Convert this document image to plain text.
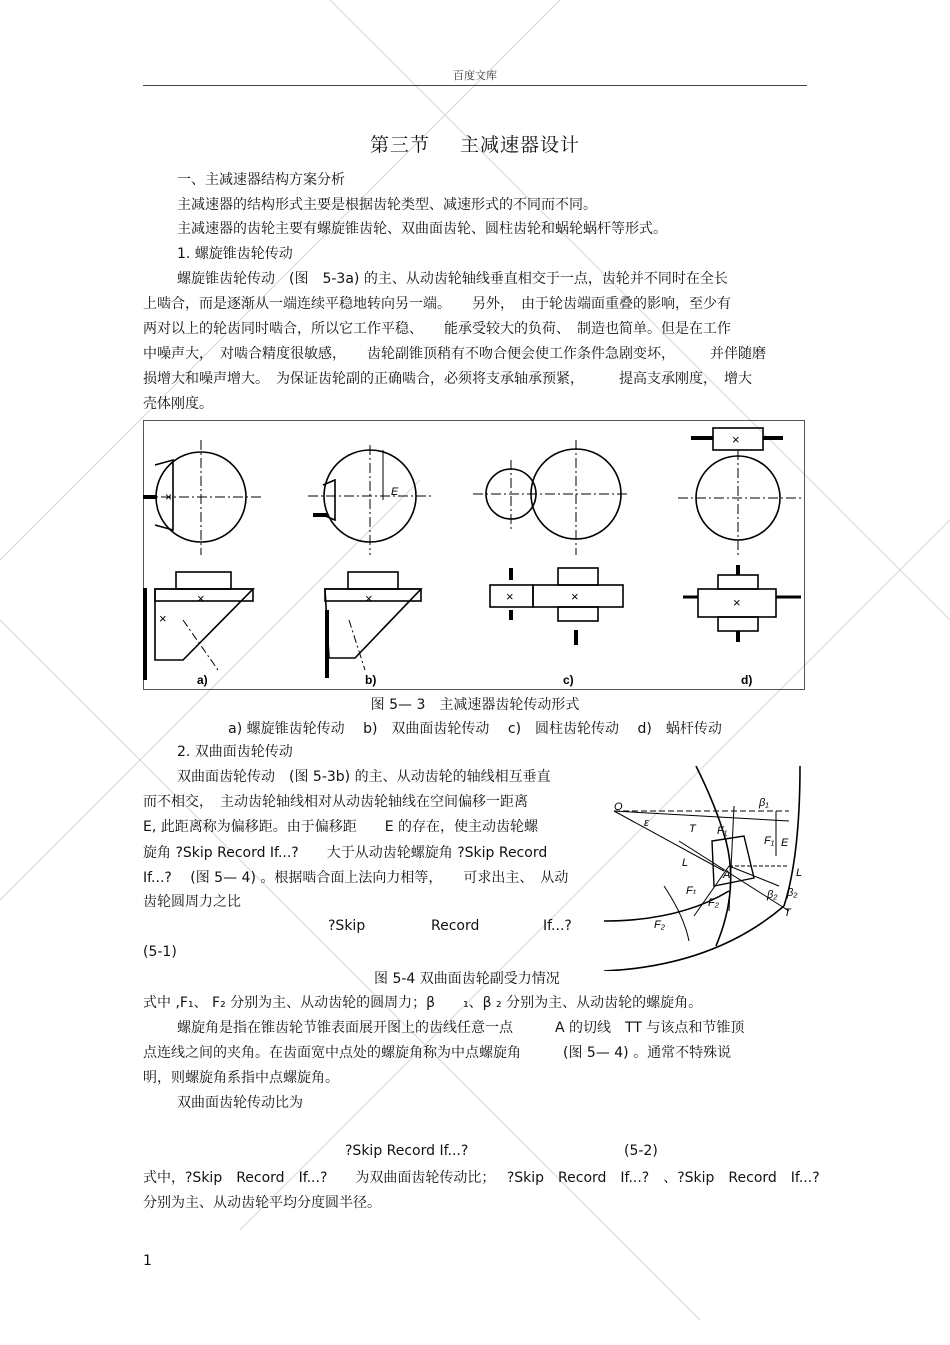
百度文库
第三节 主减速器设计
一、主减速器结构方案分析
主减速器的结构形式主要是根据齿轮类型、减速形式的不同而不同。
主减速器的齿轮主要有螺旋锥齿轮、双曲面齿轮、圆柱齿轮和蜗轮蜗杆等形式。
1. 螺旋锥齿轮传动
螺旋锥齿轮传动　(图　5-3a) 的主、从动齿轮轴线垂直相交于一点，齿轮并不同时在全长
上啮合，而是逐渐从一端连续平稳地转向另一端。　　另外，　由于轮齿端面重叠的影响，至少有
两对以上的轮齿同时啮合，所以它工作平稳、　　能承受较大的负荷、　制造也简单。但是在工作
中噪声大，　对啮合精度很敏感，　　齿轮副锥顶稍有不吻合便会使工作条件急剧变坏，　　　并伴随磨
损增大和噪声增大。　为保证齿轮副的正确啮合，必须将支承轴承预紧，　　　提高支承刚度，　增大
壳体刚度。
×
×
×
×	×	×
×
×
E
a)	b)	c)	d)
图 5— 3　主减速器齿轮传动形式
a) 螺旋锥齿轮传动　 b)　双曲面齿轮传动　 c)　圆柱齿轮传动　 d)　蜗杆传动
2. 双曲面齿轮传动
双曲面齿轮传动　(图 5-3b) 的主、从动齿轮的轴线相互垂直
而不相交，　主动齿轮轴线相对从动齿轮轴线在空间偏移一距离
E, 此距离称为偏移距。由于偏移距　　E 的存在，使主动齿轮螺
旋角 ?Skip Record If...?　　大于从动齿轮螺旋角 ?Skip Record
If...?　 (图 5— 4) 。根据啮合面上法向力相等，　　可求出主、　从动
齿轮圆周力之比
?Skip	Record	If...?
(5-1)
O
ε	T F₁
β₁
F₁ E
L
A
Fₜ
F₂
β₂ β₂
L
T
F₂
图 5-4 双曲面齿轮副受力情况
式中 ,F₁、 F₂ 分别为主、从动齿轮的圆周力；β　　₁、β ₂ 分别为主、从动齿轮的螺旋角。
螺旋角是指在锥齿轮节锥表面展开图上的齿线任意一点　　　A 的切线　TT 与该点和节锥顶
点连线之间的夹角。在齿面宽中点处的螺旋角称为中点螺旋角　　　(图 5— 4) 。通常不特殊说
明，则螺旋角系指中点螺旋角。
双曲面齿轮传动比为
?Skip Record If...?	(5-2)
式中，?Skip　Record　If...?　　为双曲面齿轮传动比；　 ?Skip　Record　If...?　、?Skip　Record　If...?
分别为主、从动齿轮平均分度圆半径。
1
